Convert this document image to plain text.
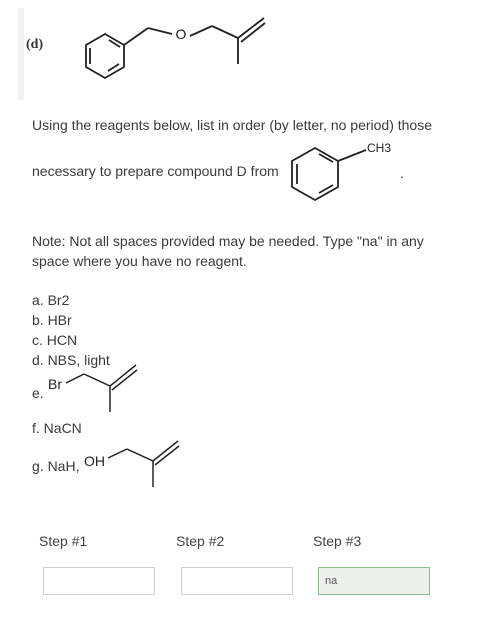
(d)
O
Using the reagents below, list in order (by letter, no period) those
necessary to prepare compound D from
CH3
.
Note: Not all spaces provided may be needed. Type "na" in any
space where you have no reagent.
a. Br2
b. HBr
c. HCN
d. NBS, light
e.
Br
f. NaCN
g. NaH, OH
Step #1	Step #2	Step #3
na
